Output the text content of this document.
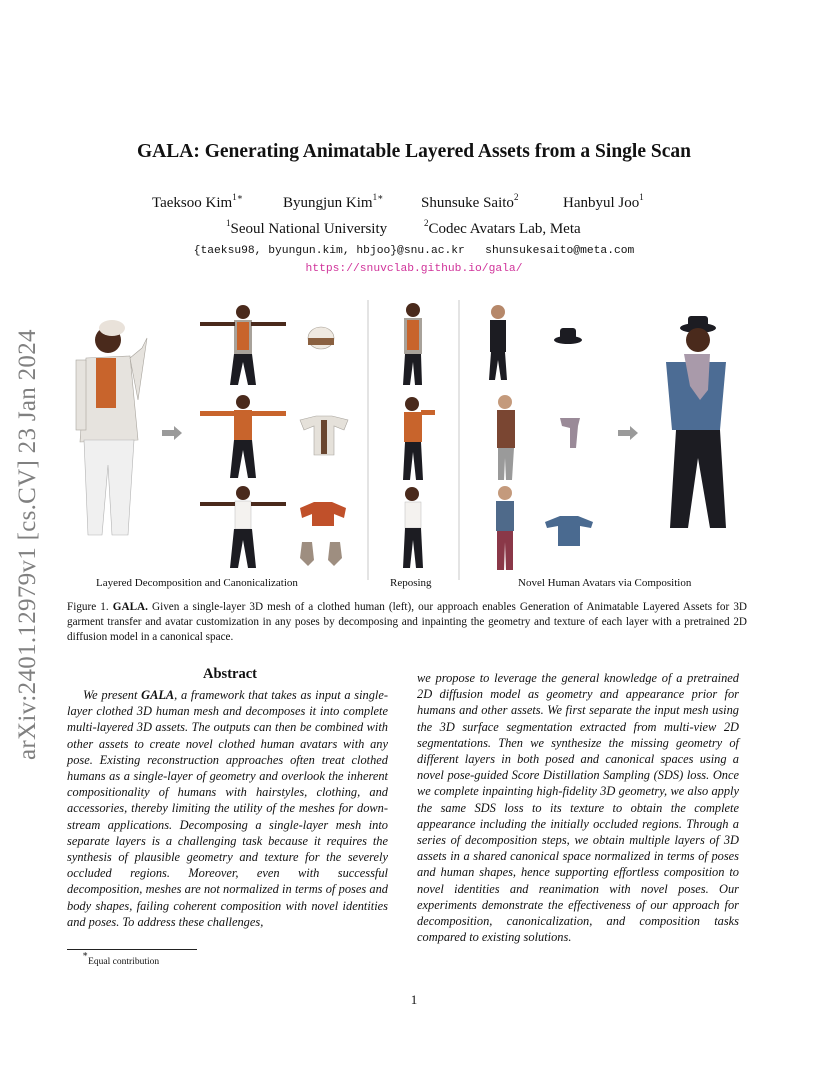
arXiv:2401.12979v1 [cs.CV] 23 Jan 2024
GALA: Generating Animatable Layered Assets from a Single Scan
Taeksoo Kim$^{1∗}$	Byungjun Kim$^{1∗}$	Shunsuke Saito$^2$	Hanbyul Joo$^1$
$^1$Seoul National University	$^2$Codec Avatars Lab, Meta
{taeksu98, byungun.kim, hbjoo}@snu.ac.kr   shunsukesaito@meta.com
https://snuvclab.github.io/gala/
Layered Decomposition and Canonicalization	Reposing	Novel Human Avatars via Composition
Figure 1. GALA. Given a single-layer 3D mesh of a clothed human (left), our approach enables Generation of Animatable Layered Assets for 3D garment transfer and avatar customization in any poses by decomposing and inpainting the geometry and texture of each layer with a pretrained 2D diffusion model in a canonical space.
Abstract
We present GALA, a framework that takes as input a single-layer clothed 3D human mesh and decomposes it into complete multi-layered 3D assets. The outputs can then be combined with other assets to create novel clothed human avatars with any pose. Existing reconstruction approaches often treat clothed humans as a single-layer of geometry and overlook the inherent compositionality of humans with hairstyles, clothing, and accessories, thereby limiting the utility of the meshes for down-stream applications. Decomposing a single-layer mesh into separate layers is a challenging task because it requires the synthesis of plausible geometry and texture for the severely occluded regions. Moreover, even with successful decomposition, meshes are not normalized in terms of poses and body shapes, failing coherent composition with novel identities and poses. To address these challenges,
we propose to leverage the general knowledge of a pretrained 2D diffusion model as geometry and appearance prior for humans and other assets. We first separate the input mesh using the 3D surface segmentation extracted from multi-view 2D segmentations. Then we synthesize the missing geometry of different layers in both posed and canonical spaces using a novel pose-guided Score Distillation Sampling (SDS) loss. Once we complete inpainting high-fidelity 3D geometry, we also apply the same SDS loss to its texture to obtain the complete appearance including the initially occluded regions. Through a series of decomposition steps, we obtain multiple layers of 3D assets in a shared canonical space normalized in terms of poses and human shapes, hence supporting effortless composition to novel identities and reanimation with novel poses. Our experiments demonstrate the effectiveness of our approach for decomposition, canonicalization, and composition tasks compared to existing solutions.
∗Equal contribution
1
